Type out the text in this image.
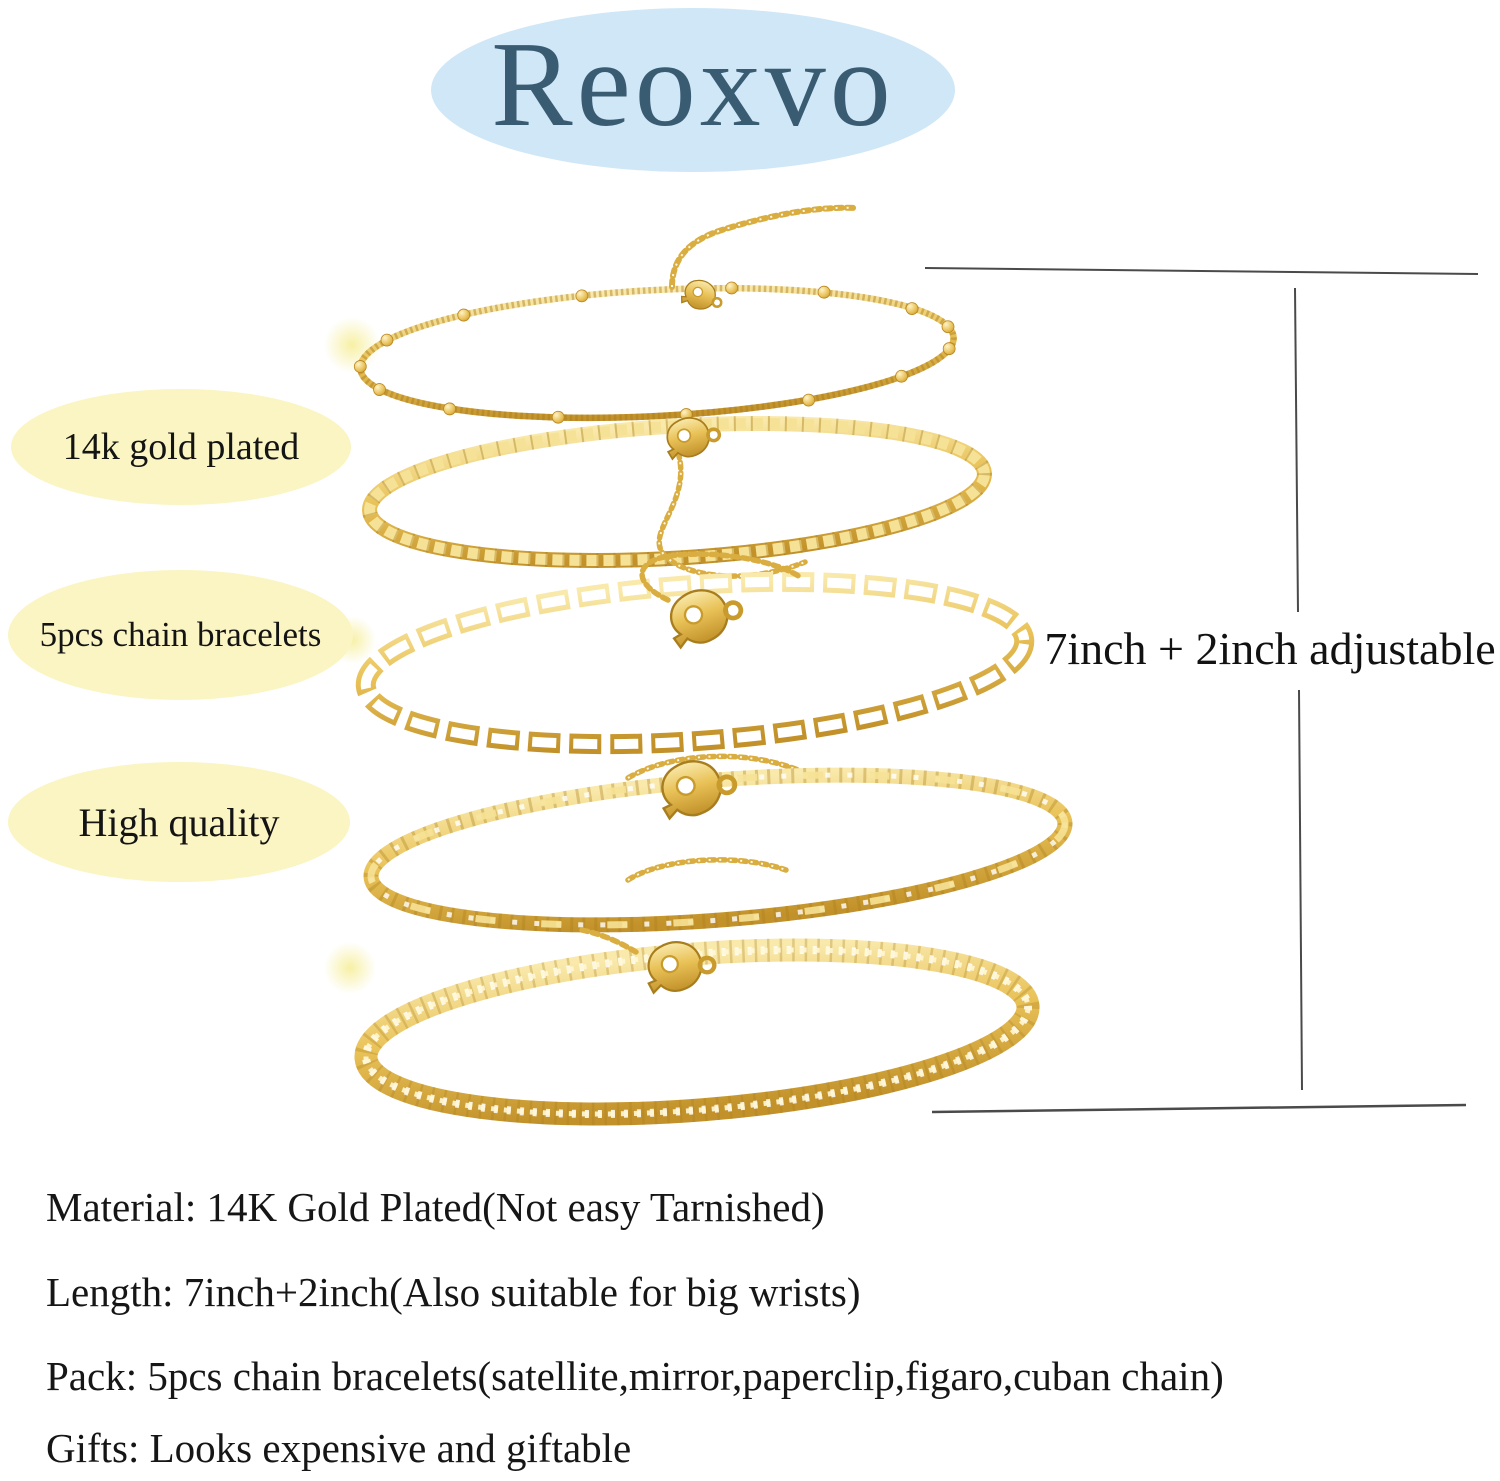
Reoxvo
14k gold plated
5pcs chain bracelets
High quality
7inch + 2inch adjustable
Material: 14K Gold Plated(Not easy Tarnished)
Length: 7inch+2inch(Also suitable for big wrists)
Pack: 5pcs chain bracelets(satellite,mirror,paperclip,figaro,cuban chain)
Gifts: Looks expensive and giftable
